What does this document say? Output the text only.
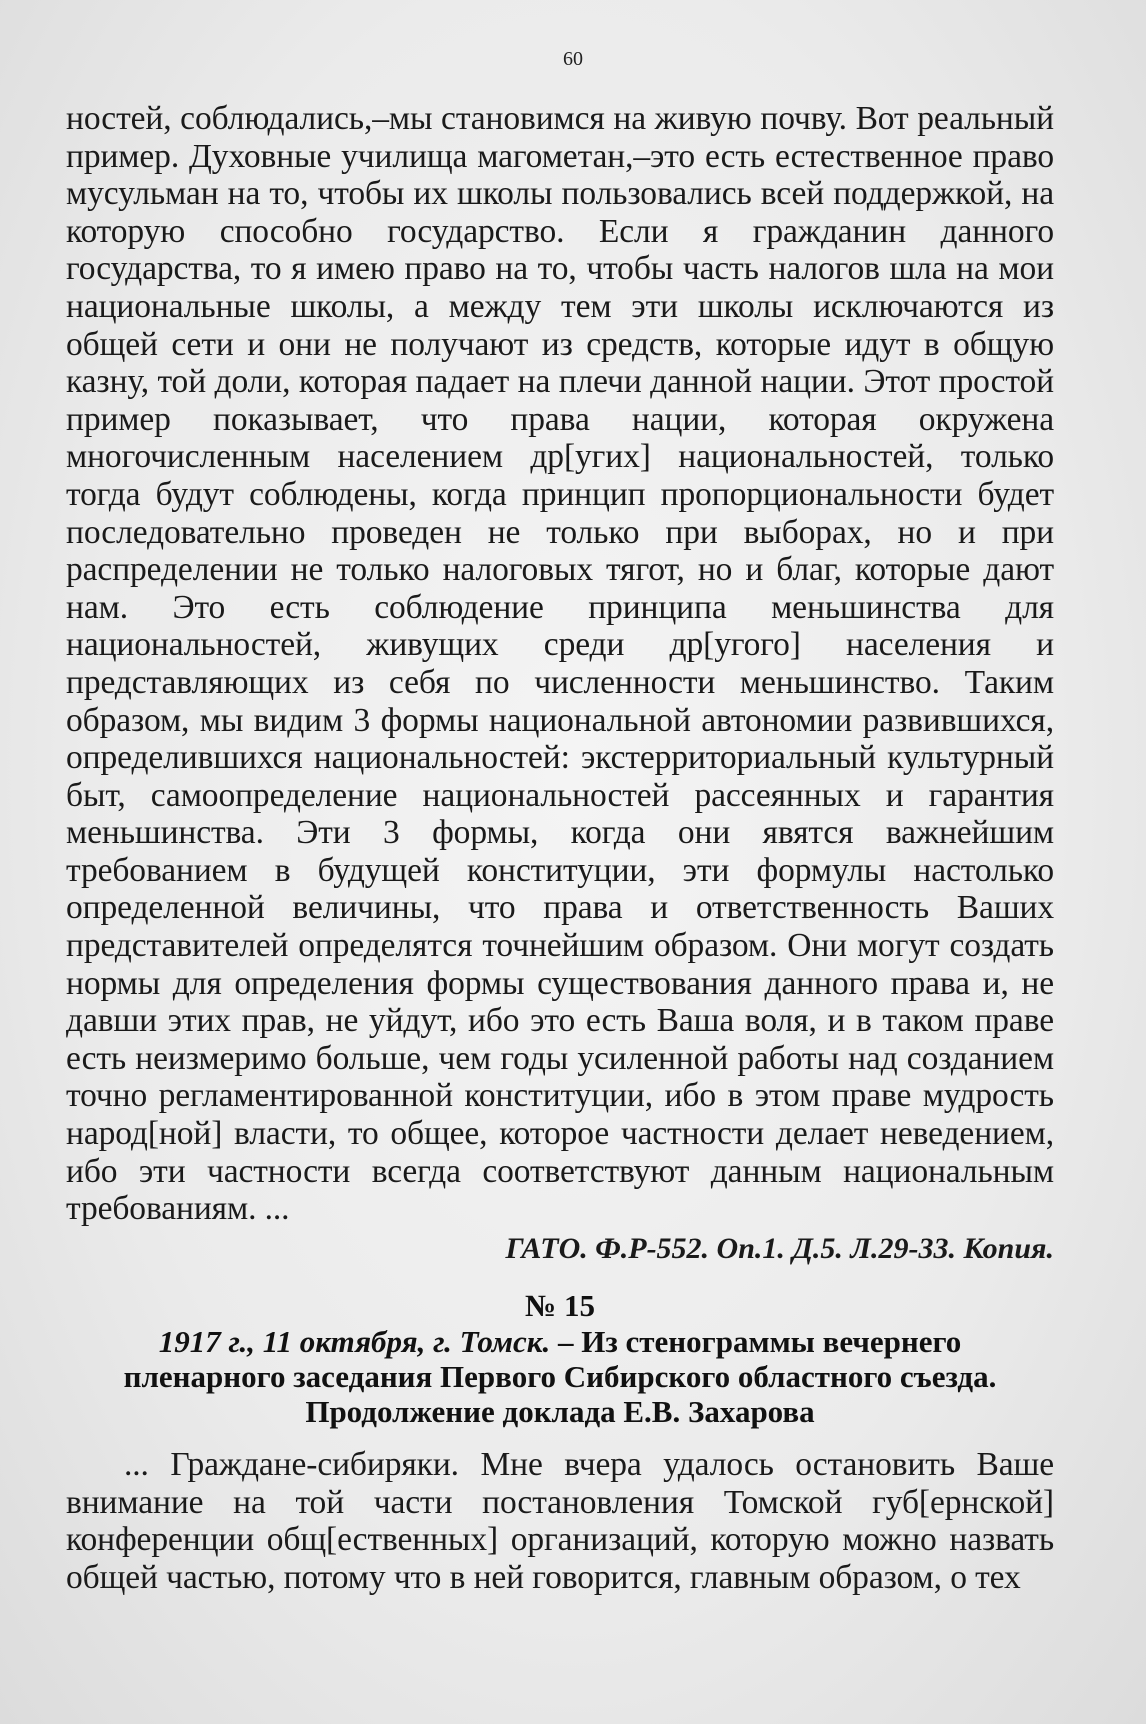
60

ностей, соблюдались,–мы становимся на живую почву. Вот реальный пример. Духовные училища магометан,–это есть естественное право мусульман на то, чтобы их школы пользовались всей поддержкой, на которую способно государство. Если я гражданин данного государства, то я имею право на то, чтобы часть налогов шла на мои национальные школы, а между тем эти школы исключаются из общей сети и они не получают из средств, которые идут в общую казну, той доли, которая падает на плечи данной нации. Этот простой пример показывает, что права нации, которая окружена многочисленным населением др[угих] национальностей, только тогда будут соблюдены, когда принцип пропорциональности будет последовательно проведен не только при выборах, но и при распределении не только налоговых тягот, но и благ, которые дают нам. Это есть соблюдение принципа меньшинства для национальностей, живущих среди др[угого] населения и представляющих из себя по численности меньшинство. Таким образом, мы видим 3 формы национальной автономии развившихся, определившихся национальностей: экстерриториальный культурный быт, самоопределение национальностей рассеянных и гарантия меньшинства. Эти 3 формы, когда они явятся важнейшим требованием в будущей конституции, эти формулы настолько определенной величины, что права и ответственность Ваших представителей определятся точнейшим образом. Они могут создать нормы для определения формы существования данного права и, не давши этих прав, не уйдут, ибо это есть Ваша воля, и в таком праве есть неизмеримо больше, чем годы усиленной работы над созданием точно регламентированной конституции, ибо в этом праве мудрость народ[ной] власти, то общее, которое частности делает неведением, ибо эти частности всегда соответствуют данным национальным требованиям. ...

ГАТО. Ф.Р-552. Оп.1. Д.5. Л.29-33. Копия.

№ 15

1917 г., 11 октября, г. Томск. – Из стенограммы вечернего пленарного заседания Первого Сибирского областного съезда. Продолжение доклада Е.В. Захарова

... Граждане-сибиряки. Мне вчера удалось остановить Ваше внимание на той части постановления Томской губ[ернской] конференции общ[ественных] организаций, которую можно назвать общей частью, потому что в ней говорится, главным образом, о тех
